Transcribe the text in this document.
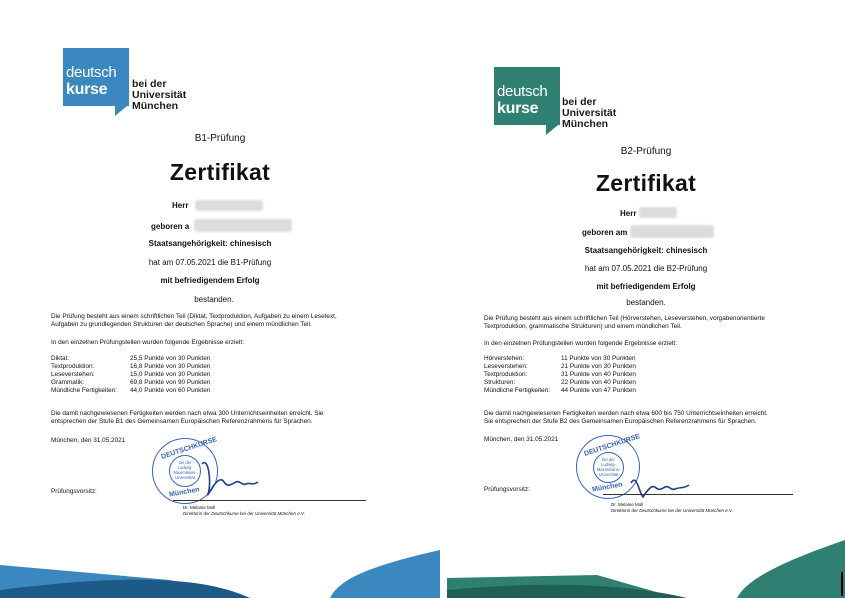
deutsch
kurse bei der
Universität
München
B1-Prüfung
Zertifikat
Herr
geboren a
Staatsangehörigkeit: chinesisch
hat am 07.05.2021 die B1-Prüfung
mit befriedigendem Erfolg
bestanden.
Die Prüfung besteht aus einem schriftlichen Teil (Diktat, Textproduktion, Aufgaben zu einem Lesetext,
Aufgaben zu grundlegenden Strukturen der deutschen Sprache) und einem mündlichen Teil.
In den einzelnen Prüfungsteilen wurden folgende Ergebnisse erzielt:
Diktat:	25,5 Punkte von 30 Punkten
Textproduktion:	16,8 Punkte von 30 Punkten
Leseverstehen:	15,0 Punkte von 30 Punkten
Grammatik:	69,8 Punkte von 90 Punkten
Mündliche Fertigkeiten: 44,0 Punkte von 60 Punkten
Die damit nachgewiesenen Fertigkeiten werden nach etwa 300 Unterrichtseinheiten erreicht. Sie
entsprechen der Stufe B1 des Gemeinsamen Europäischen Referenzrahmens für Sprachen.
München, den 31.05.2021	DEUTSCHKURSE
bei der
Ludwig-
Maximilians-
Universität
München
Prüfungsvorsitz:
Dr. Melanie Moll
Direktorin der Deutschkurse bei der Universität München e.V.
deutsch
kurse bei der
Universität
München
B2-Prüfung
Zertifikat
Herr
geboren am
Staatsangehörigkeit: chinesisch
hat am 07.05.2021 die B2-Prüfung
mit befriedigendem Erfolg
bestanden.
Die Prüfung besteht aus einem schriftlichen Teil (Hörverstehen, Leseverstehen, vorgabenorientierte
Textproduktion, grammatische Strukturen) und einem mündlichen Teil.
In den einzelnen Prüfungsteilen wurden folgende Ergebnisse erzielt:
Hörverstehen:	11 Punkte von 30 Punkten
Leseverstehen:	21 Punkte von 30 Punkten
Textproduktion:	31 Punkte von 40 Punkten
Strukturen:	22 Punkte von 40 Punkten
Mündliche Fertigkeiten: 44 Punkte von 47 Punkten
Die damit nachgewiesenen Fertigkeiten werden nach etwa 600 bis 750 Unterrichtseinheiten erreicht.
Sie entsprechen der Stufe B2 des Gemeinsamen Europäischen Referenzrahmens für Sprachen.
München, den 31.05.2021	DEUTSCHKURSE
bei der
Ludwig-
Maximilians-
Universität
München
Prüfungsvorsitz:
Dr. Melanie Moll
Direktorin der Deutschkurse bei der Universität München e.V.
